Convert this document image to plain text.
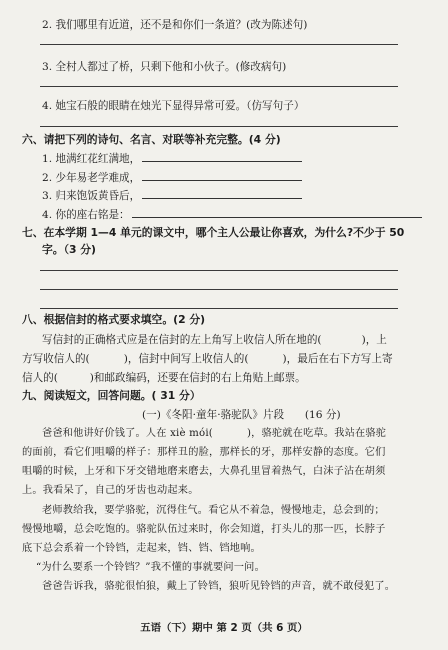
2. 我们哪里有近道，还不是和你们一条道？(改为陈述句)
3. 全村人都过了桥，只剩下他和小伙子。(修改病句)
4. 她宝石般的眼睛在烛光下显得异常可爱。（仿写句子）
六、请把下列的诗句、名言、对联等补充完整。(4 分)
1. 地满红花红满地，
2. 少年易老学难成，
3. 归来饱饭黄昏后，
4. 你的座右铭是：
七、在本学期 1—4 单元的课文中，哪个主人公最让你喜欢，为什么?不少于 50
字。（3 分)
八、根据信封的格式要求填空。(2 分)
写信封的正确格式应是在信封的左上角写上收信人所在地的(	)，上
方写收信人的(	)，信封中间写上收信人的(	)，最后在右下方写上寄
信人的(　　　)和邮政编码，还要在信封的右上角贴上邮票。
九、阅读短文，回答问题。( 31 分）
(一)《冬阳·童年·骆驼队》片段 (16 分)
爸爸和他讲好价钱了。人在 xiè mói(	)，骆驼就在吃草。我站在骆驼
的面前，看它们咀嚼的样子：那样丑的脸，那样长的牙，那样安静的态度。它们
咀嚼的时候，上牙和下牙交错地磨来磨去，大鼻孔里冒着热气，白沫子沾在胡须
上。我看呆了，自己的牙齿也动起来。
老师教给我，要学骆驼，沉得住气。看它从不着急，慢慢地走，总会到的；
慢慢地嚼，总会吃饱的。骆驼队伍过来时，你会知道，打头儿的那一匹，长脖子
底下总会系着一个铃铛，走起来，铛、铛、铛地响。
“为什么要系一个铃铛？”我不懂的事就要问一问。
爸爸告诉我，骆驼很怕狼，戴上了铃铛，狼听见铃铛的声音，就不敢侵犯了。
五语（下）期中 第 2 页（共 6 页）
